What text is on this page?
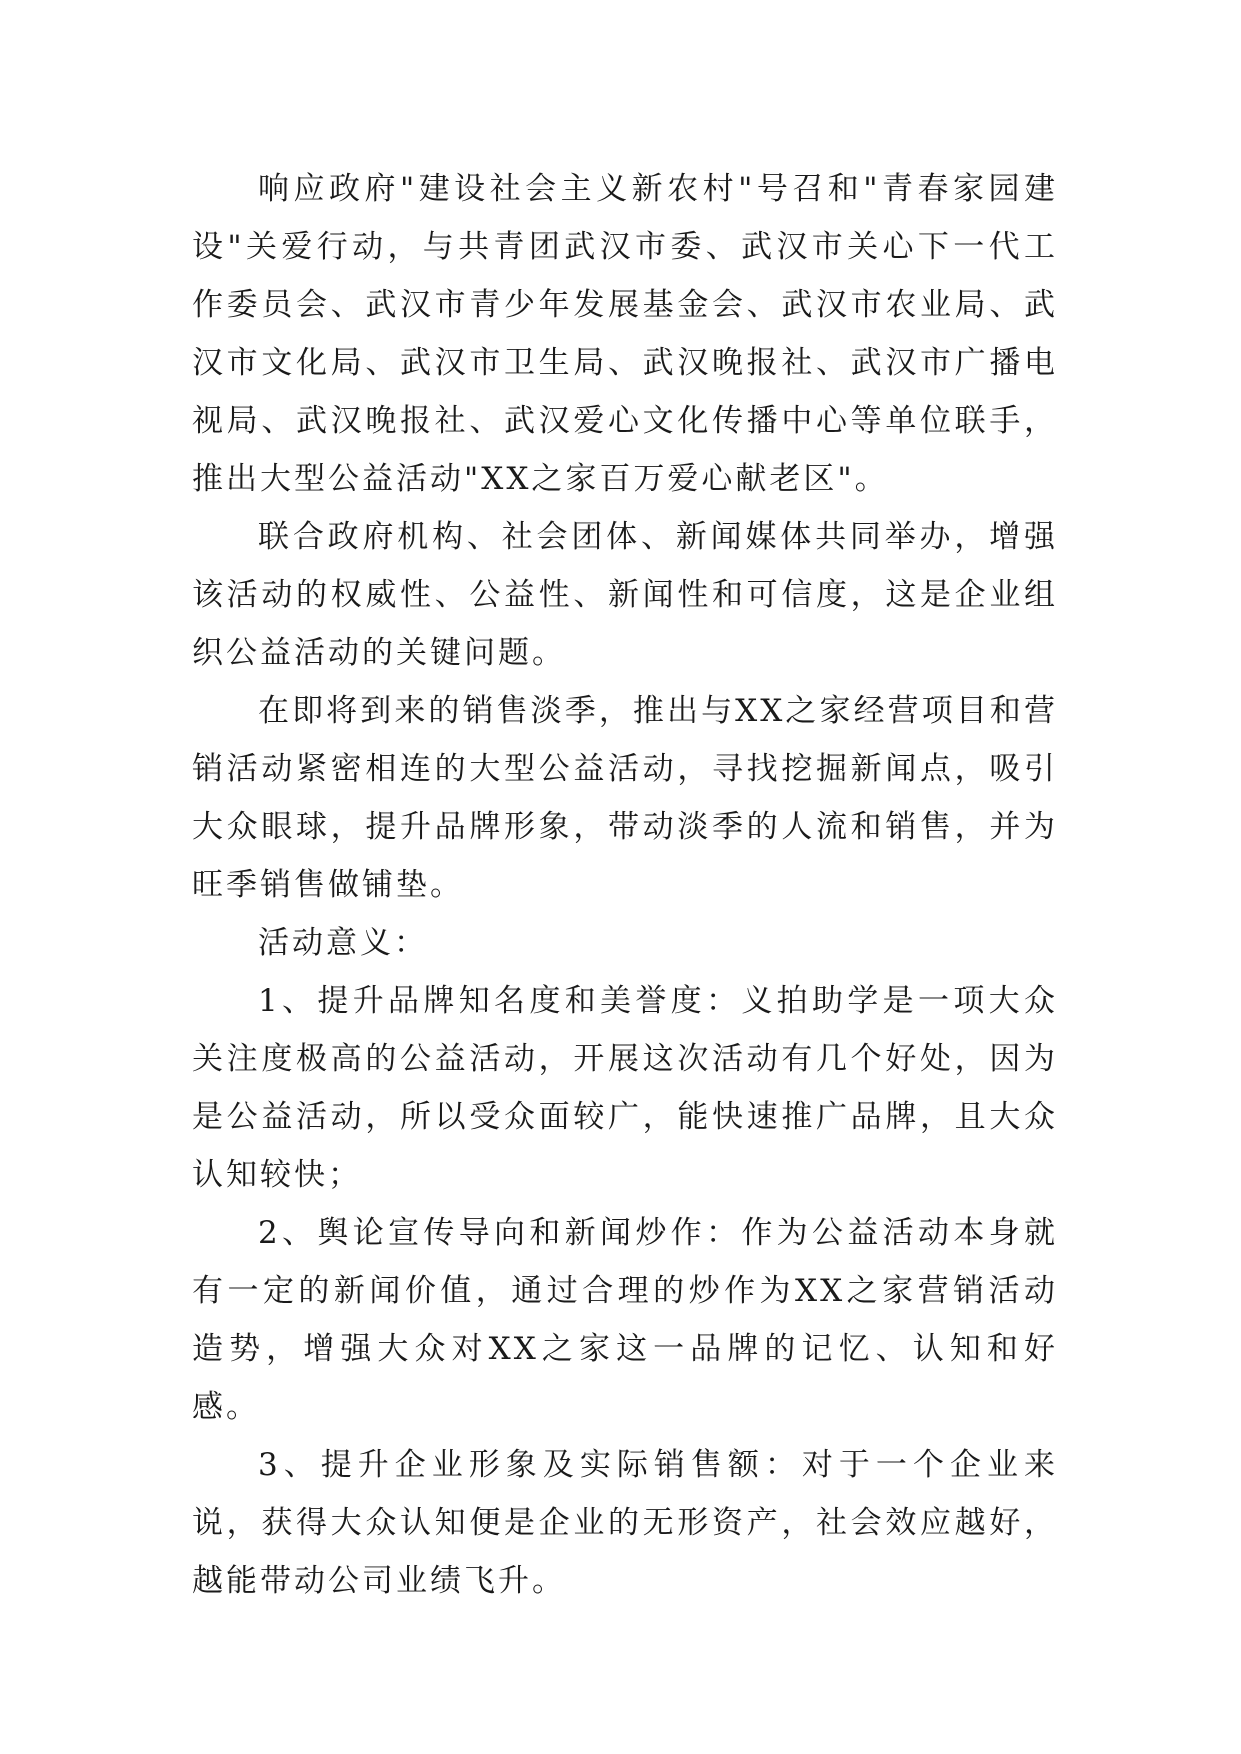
响应政府"建设社会主义新农村"号召和"青春家园建设"关爱行动，与共青团武汉市委、武汉市关心下一代工作委员会、武汉市青少年发展基金会、武汉市农业局、武汉市文化局、武汉市卫生局、武汉晚报社、武汉市广播电视局、武汉晚报社、武汉爱心文化传播中心等单位联手，推出大型公益活动"XX之家百万爱心献老区"。

联合政府机构、社会团体、新闻媒体共同举办，增强该活动的权威性、公益性、新闻性和可信度，这是企业组织公益活动的关键问题。

在即将到来的销售淡季，推出与XX之家经营项目和营销活动紧密相连的大型公益活动，寻找挖掘新闻点，吸引大众眼球，提升品牌形象，带动淡季的人流和销售，并为旺季销售做铺垫。

活动意义：

1、提升品牌知名度和美誉度：义拍助学是一项大众关注度极高的公益活动，开展这次活动有几个好处，因为是公益活动，所以受众面较广，能快速推广品牌，且大众认知较快；

2、舆论宣传导向和新闻炒作：作为公益活动本身就有一定的新闻价值，通过合理的炒作为XX之家营销活动造势，增强大众对XX之家这一品牌的记忆、认知和好感。

3、提升企业形象及实际销售额：对于一个企业来说，获得大众认知便是企业的无形资产，社会效应越好，越能带动公司业绩飞升。
